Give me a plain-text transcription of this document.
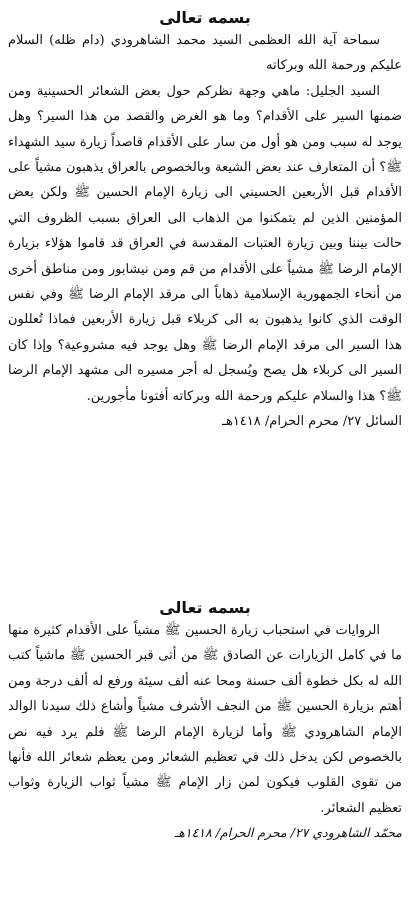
بسمه تعالى

سماحة آية الله العظمى السيد محمد الشاهرودي (دام ظله) السلام عليكم ورحمة الله وبركاته

السيد الجليل: ماهي وجهة نظركم حول بعض الشعائر الحسينية ومن ضمنها السير على الأقدام؟ وما هو الغرض والقصد من هذا السير؟ وهل يوجد له سبب ومن هو أول من سار على الأقدام قاصداً زيارة سيد الشهداء ﷺ؟ أن المتعارف عند بعض الشيعة وبالخصوص بالعراق يذهبون مشياً على الأقدام قبل الأربعين الحسيني الى زيارة الإمام الحسين ﷺ ولكن بعض المؤمنين الذين لم يتمكنوا من الذهاب الى العراق بسبب الظروف التي حالت بيننا وبين زيارة العتبات المقدسة في العراق قد قاموا هؤلاء بزيارة الإمام الرضا ﷺ مشياً على الأقدام من قم ومن نيشابور ومن مناطق أخرى من أنحاء الجمهورية الإسلامية ذهاباً الى مرقد الإمام الرضا ﷺ وفي نفس الوقت الذي كانوا يذهبون به الى كربلاء قبل زيارة الأربعين فماذا تُعللون هذا السير الى مرقد الإمام الرضا ﷺ وهل يوجد فيه مشروعية؟ وإذا كان السير الى كربلاء هل يصح ويُسجل له أجر مسيره الى مشهد الإمام الرضا ﷺ؟ هذا والسلام عليكم ورحمة الله وبركاته أفتونا مأجورين.

السائل ٢٧/ محرم الحرام/ ١٤١٨هـ

بسمه تعالى

الروايات في استحباب زيارة الحسين ﷺ مشياً على الأقدام كثيرة منها ما في كامل الزيارات عن الصادق ﷺ من أتى قبر الحسين ﷺ ماشياً كتب الله له بكل خطوة ألف حسنة ومحا عنه ألف سيئة ورفع له ألف درجة ومن أهتم بزيارة الحسين ﷺ من النجف الأشرف مشياً وأشاع ذلك سيدنا الوالد الإمام الشاهرودي ﷺ وأما لزيارة الإمام الرضا ﷺ فلم يرد فيه نص بالخصوص لكن يدخل ذلك في تعظيم الشعائر ومن يعظم شعائر الله فأنها من تقوى القلوب فيكون لمن زار الإمام ﷺ مشياً ثواب الزيارة وثواب تعظيم الشعائر.

محمّد الشاهرودي ٢٧/ محرم الحرام/ ١٤١٨هـ
